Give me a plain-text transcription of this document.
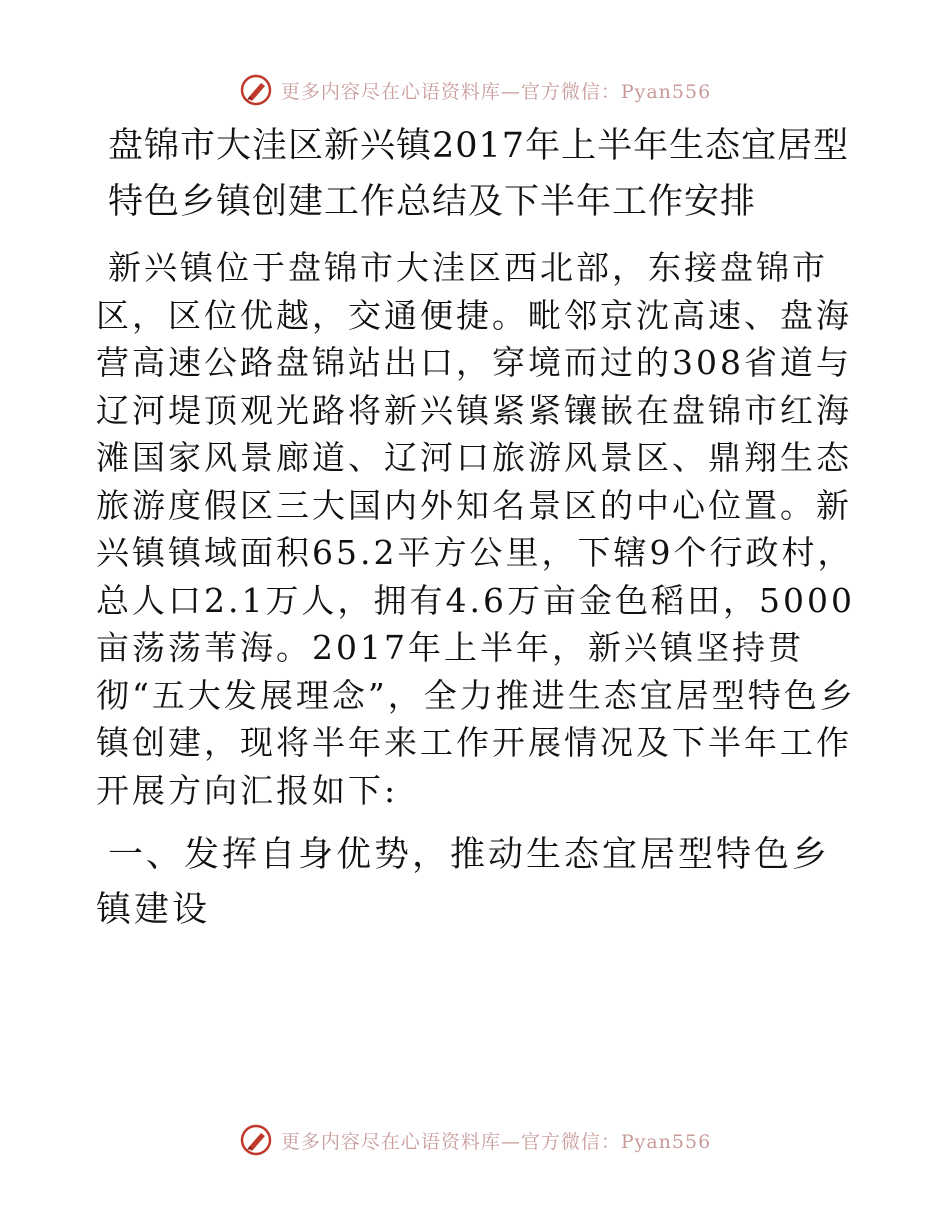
更多内容尽在心语资料库—官方微信：Pyan556
盘锦市大洼区新兴镇2017年上半年生态宜居型特色乡镇创建工作总结及下半年工作安排

新兴镇位于盘锦市大洼区西北部，东接盘锦市区，区位优越，交通便捷。毗邻京沈高速、盘海营高速公路盘锦站出口，穿境而过的308省道与辽河堤顶观光路将新兴镇紧紧镶嵌在盘锦市红海滩国家风景廊道、辽河口旅游风景区、鼎翔生态旅游度假区三大国内外知名景区的中心位置。新兴镇镇域面积65.2平方公里，下辖9个行政村，总人口2.1万人，拥有4.6万亩金色稻田，5000亩荡荡苇海。2017年上半年，新兴镇坚持贯彻“五大发展理念”，全力推进生态宜居型特色乡镇创建，现将半年来工作开展情况及下半年工作开展方向汇报如下:

一、发挥自身优势，推动生态宜居型特色乡镇建设
更多内容尽在心语资料库—官方微信：Pyan556
